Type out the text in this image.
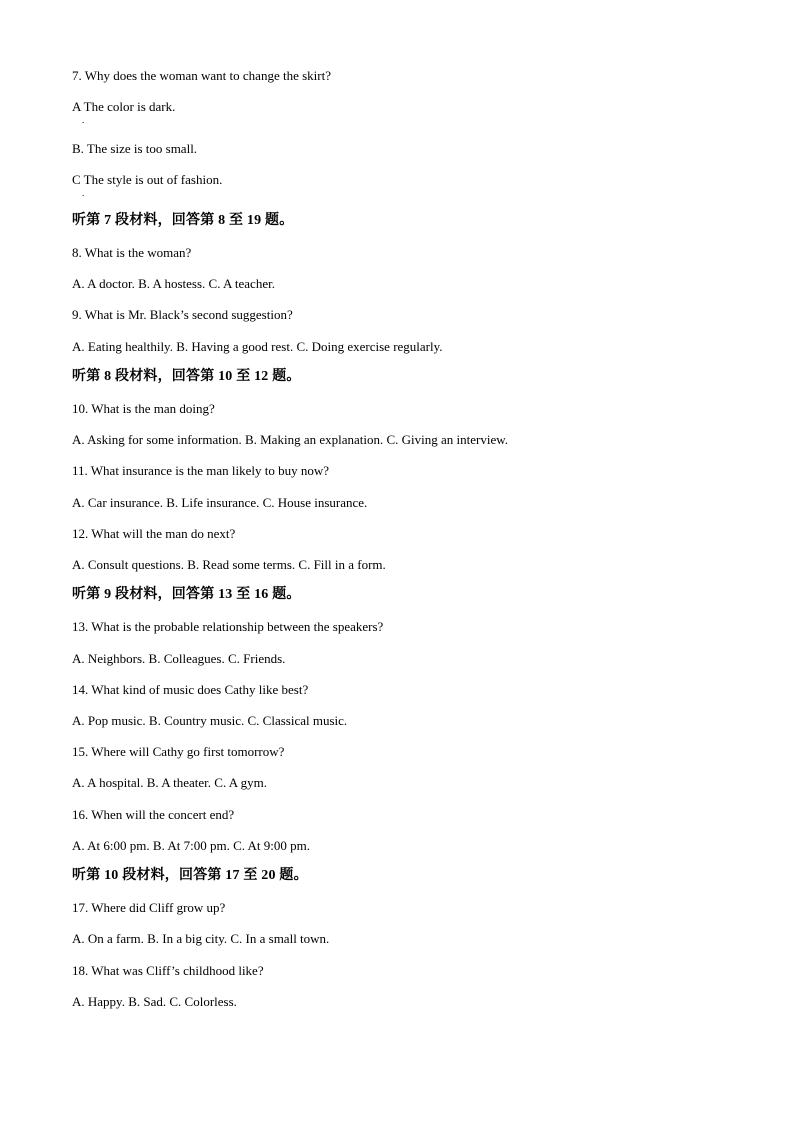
7. Why does the woman want to change the skirt?
A The color is dark.
.
B. The size is too small.
C The style is out of fashion.
.
听第 7 段材料，回答第 8 至 19 题。
8. What is the woman?
A. A doctor. B. A hostess. C. A teacher.
9. What is Mr. Black’s second suggestion?
A. Eating healthily. B. Having a good rest. C. Doing exercise regularly.
听第 8 段材料，回答第 10 至 12 题。
10. What is the man doing?
A. Asking for some information. B. Making an explanation. C. Giving an interview.
11. What insurance is the man likely to buy now?
A. Car insurance. B. Life insurance. C. House insurance.
12. What will the man do next?
A. Consult questions. B. Read some terms. C. Fill in a form.
听第 9 段材料，回答第 13 至 16 题。
13. What is the probable relationship between the speakers?
A. Neighbors. B. Colleagues. C. Friends.
14. What kind of music does Cathy like best?
A. Pop music. B. Country music. C. Classical music.
15. Where will Cathy go first tomorrow?
A. A hospital. B. A theater. C. A gym.
16. When will the concert end?
A. At 6:00 pm. B. At 7:00 pm. C. At 9:00 pm.
听第 10 段材料，回答第 17 至 20 题。
17. Where did Cliff grow up?
A. On a farm. B. In a big city. C. In a small town.
18. What was Cliff’s childhood like?
A. Happy. B. Sad. C. Colorless.
